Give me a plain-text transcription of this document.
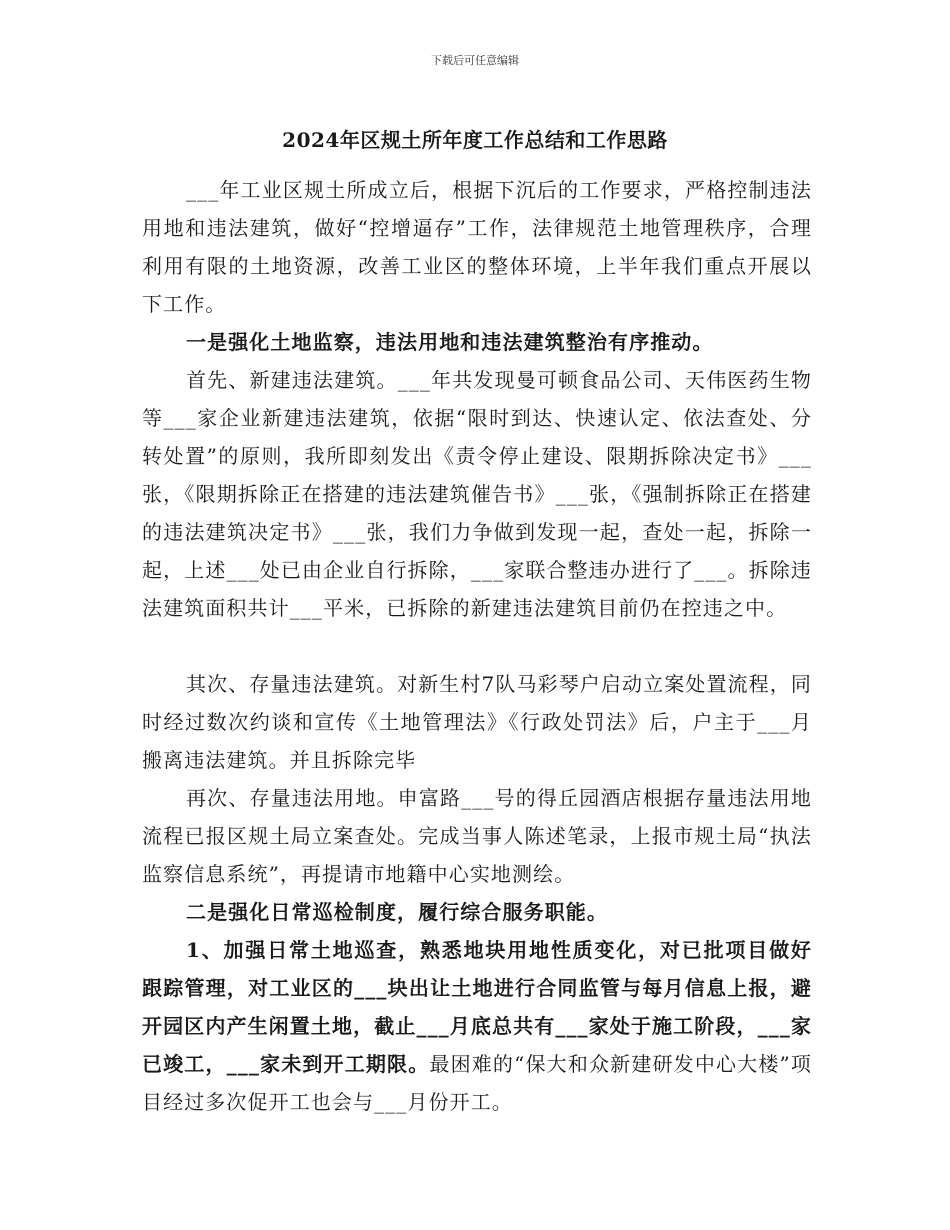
下载后可任意编辑
2024年区规土所年度工作总结和工作思路

___年工业区规土所成立后，根据下沉后的工作要求，严格控制违法用地和违法建筑，做好“控增逼存”工作，法律规范土地管理秩序，合理利用有限的土地资源，改善工业区的整体环境，上半年我们重点开展以下工作。

一是强化土地监察，违法用地和违法建筑整治有序推动。

首先、新建违法建筑。___年共发现曼可顿食品公司、天伟医药生物等___家企业新建违法建筑，依据“限时到达、快速认定、依法查处、分转处置”的原则，我所即刻发出《责令停止建设、限期拆除决定书》___张，《限期拆除正在搭建的违法建筑催告书》___张，《强制拆除正在搭建的违法建筑决定书》___张，我们力争做到发现一起，查处一起，拆除一起，上述___处已由企业自行拆除，___家联合整违办进行了___。拆除违法建筑面积共计___平米，已拆除的新建违法建筑目前仍在控违之中。

其次、存量违法建筑。对新生村7队马彩琴户启动立案处置流程，同时经过数次约谈和宣传《土地管理法》《行政处罚法》后，户主于___月搬离违法建筑。并且拆除完毕

再次、存量违法用地。申富路___号的得丘园酒店根据存量违法用地流程已报区规土局立案查处。完成当事人陈述笔录，上报市规土局“执法监察信息系统”，再提请市地籍中心实地测绘。

二是强化日常巡检制度，履行综合服务职能。

1、加强日常土地巡查，熟悉地块用地性质变化，对已批项目做好跟踪管理，对工业区的___块出让土地进行合同监管与每月信息上报，避开园区内产生闲置土地，截止___月底总共有___家处于施工阶段，___家已竣工，___家未到开工期限。最困难的“保大和众新建研发中心大楼”项目经过多次促开工也会与___月份开工。
